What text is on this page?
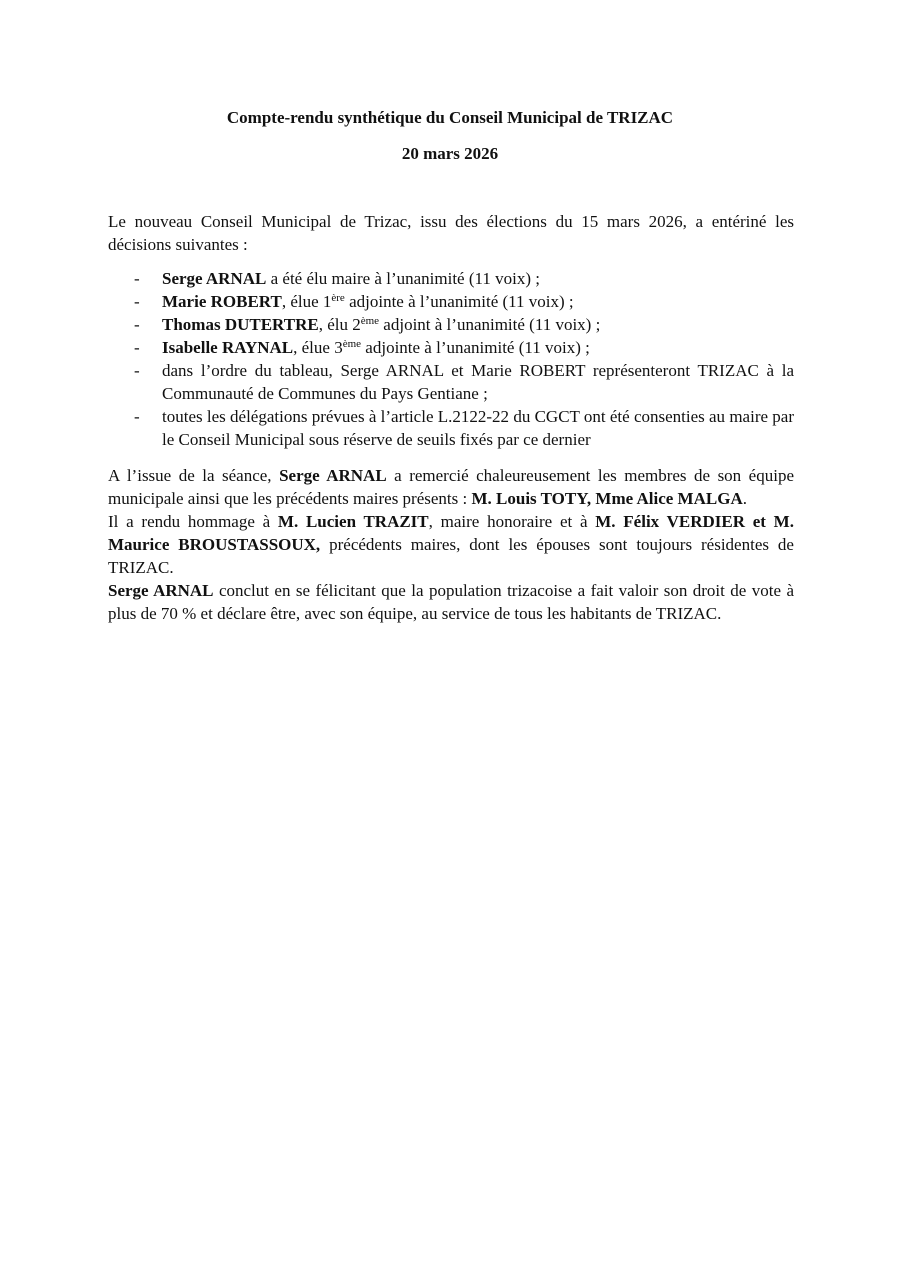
Compte-rendu synthétique du Conseil Municipal de TRIZAC

20 mars 2026

Le nouveau Conseil Municipal de Trizac, issu des élections du 15 mars 2026, a entériné les décisions suivantes :

- Serge ARNAL a été élu maire à l’unanimité (11 voix) ;
- Marie ROBERT, élue 1ère adjointe à l’unanimité (11 voix) ;
- Thomas DUTERTRE, élu 2ème adjoint à l’unanimité (11 voix) ;
- Isabelle RAYNAL, élue 3ème adjointe à l’unanimité (11 voix) ;
- dans l’ordre du tableau, Serge ARNAL et Marie ROBERT représenteront TRIZAC à la Communauté de Communes du Pays Gentiane ;
- toutes les délégations prévues à l’article L.2122-22 du CGCT ont été consenties au maire par le Conseil Municipal sous réserve de seuils fixés par ce dernier

A l’issue de la séance, Serge ARNAL a remercié chaleureusement les membres de son équipe municipale ainsi que les précédents maires présents : M. Louis TOTY, Mme Alice MALGA.

Il a rendu hommage à M. Lucien TRAZIT, maire honoraire et à M. Félix VERDIER et M. Maurice BROUSTASSOUX, précédents maires, dont les épouses sont toujours résidentes de TRIZAC.

Serge ARNAL conclut en se félicitant que la population trizacoise a fait valoir son droit de vote à plus de 70 % et déclare être, avec son équipe, au service de tous les habitants de TRIZAC.
